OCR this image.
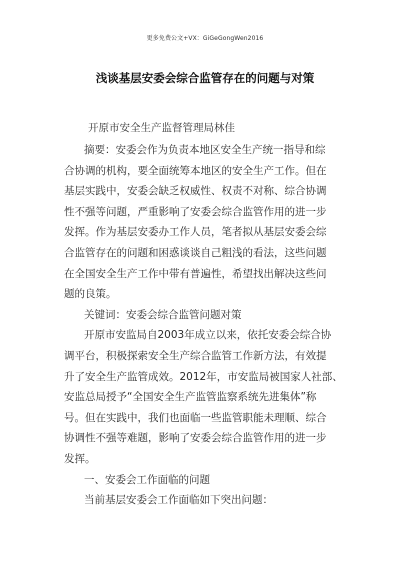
更多免费公文+VX：GiGeGongWen2016
浅谈基层安委会综合监管存在的问题与对策
开原市安全生产监督管理局林佳
摘要：安委会作为负责本地区安全生产统一指导和综
合协调的机构，要全面统筹本地区的安全生产工作。但在
基层实践中，安委会缺乏权威性、权责不对称、综合协调
性不强等问题，严重影响了安委会综合监管作用的进一步
发挥。作为基层安委办工作人员，笔者拟从基层安委会综
合监管存在的问题和困惑谈谈自己粗浅的看法，这些问题
在全国安全生产工作中带有普遍性，希望找出解决这些问
题的良策。
关键词：安委会综合监管问题对策
开原市安监局自2003年成立以来，依托安委会综合协
调平台，积极探索安全生产综合监管工作新方法，有效提
升了安全生产监管成效。2012年，市安监局被国家人社部、
安监总局授予“全国安全生产监管监察系统先进集体”称
号。但在实践中，我们也面临一些监管职能未理顺、综合
协调性不强等难题，影响了安委会综合监管作用的进一步
发挥。
一、安委会工作面临的问题
当前基层安委会工作面临如下突出问题：
